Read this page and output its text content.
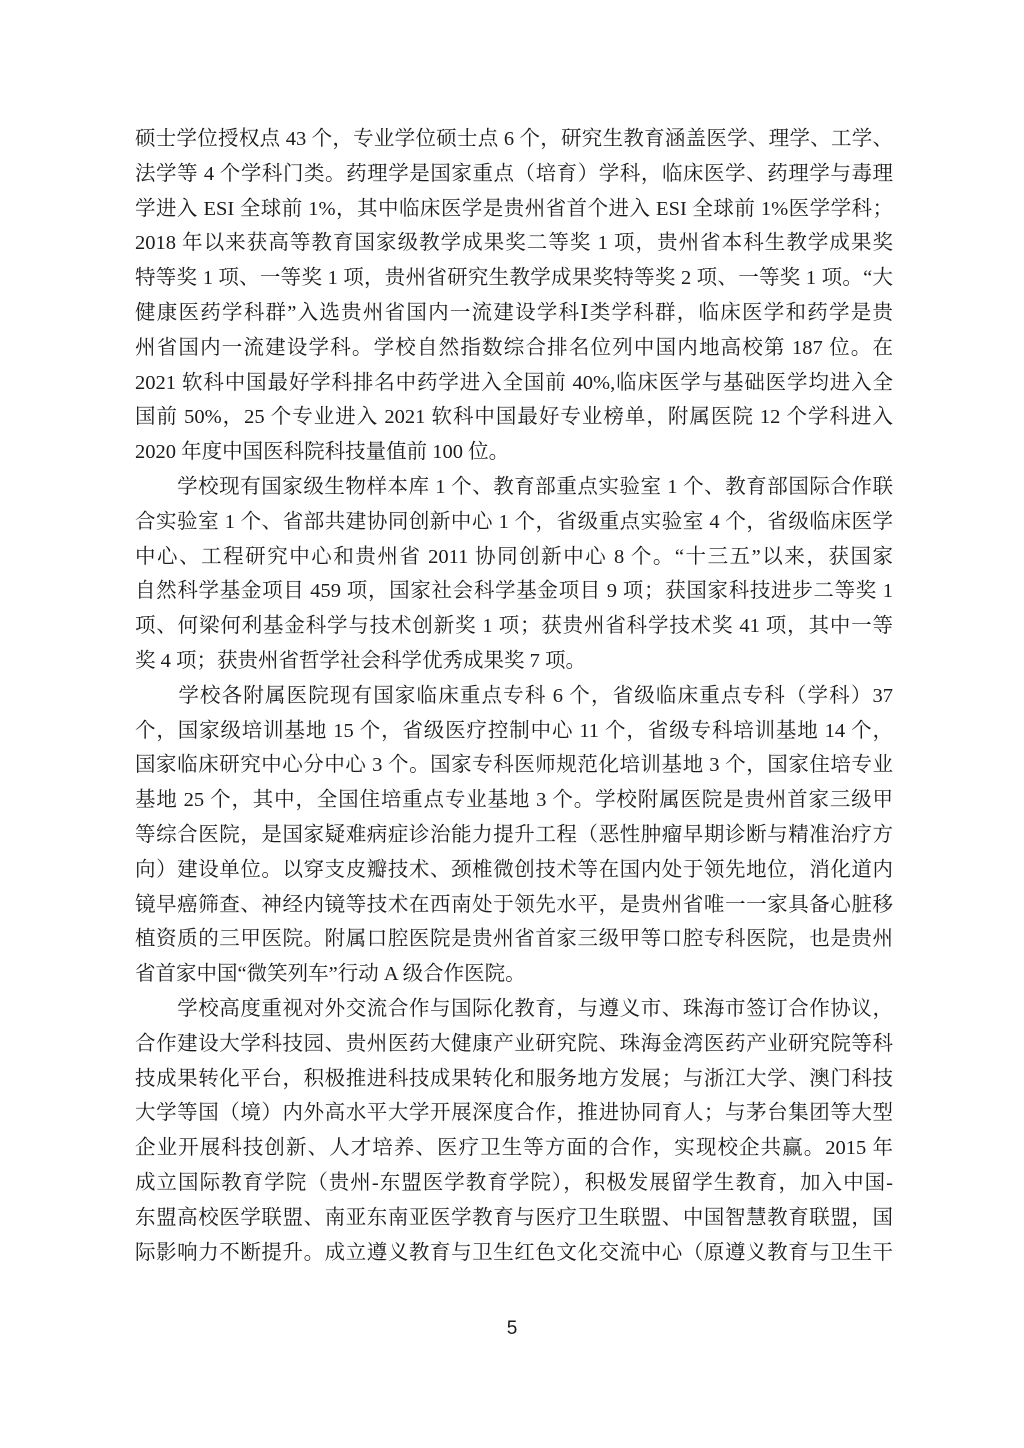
硕士学位授权点 43 个，专业学位硕士点 6 个，研究生教育涵盖医学、理学、工学、
法学等 4 个学科门类。药理学是国家重点（培育）学科，临床医学、药理学与毒理
学进入 ESI 全球前 1%，其中临床医学是贵州省首个进入 ESI 全球前 1%医学学科；
2018 年以来获高等教育国家级教学成果奖二等奖 1 项，贵州省本科生教学成果奖
特等奖 1 项、一等奖 1 项，贵州省研究生教学成果奖特等奖 2 项、一等奖 1 项。“大
健康医药学科群”入选贵州省国内一流建设学科Ⅰ类学科群，临床医学和药学是贵
州省国内一流建设学科。学校自然指数综合排名位列中国内地高校第 187 位。在
2021 软科中国最好学科排名中药学进入全国前 40%,临床医学与基础医学均进入全
国前 50%，25 个专业进入 2021 软科中国最好专业榜单，附属医院 12 个学科进入
2020 年度中国医科院科技量值前 100 位。
　　学校现有国家级生物样本库 1 个、教育部重点实验室 1 个、教育部国际合作联
合实验室 1 个、省部共建协同创新中心 1 个，省级重点实验室 4 个，省级临床医学
中心、工程研究中心和贵州省 2011 协同创新中心 8 个。“十三五”以来，获国家
自然科学基金项目 459 项，国家社会科学基金项目 9 项；获国家科技进步二等奖 1
项、何梁何利基金科学与技术创新奖 1 项；获贵州省科学技术奖 41 项，其中一等
奖 4 项；获贵州省哲学社会科学优秀成果奖 7 项。
　　学校各附属医院现有国家临床重点专科 6 个，省级临床重点专科（学科）37
个，国家级培训基地 15 个，省级医疗控制中心 11 个，省级专科培训基地 14 个，
国家临床研究中心分中心 3 个。国家专科医师规范化培训基地 3 个，国家住培专业
基地 25 个，其中，全国住培重点专业基地 3 个。学校附属医院是贵州首家三级甲
等综合医院，是国家疑难病症诊治能力提升工程（恶性肿瘤早期诊断与精准治疗方
向）建设单位。以穿支皮瓣技术、颈椎微创技术等在国内处于领先地位，消化道内
镜早癌筛查、神经内镜等技术在西南处于领先水平，是贵州省唯一一家具备心脏移
植资质的三甲医院。附属口腔医院是贵州省首家三级甲等口腔专科医院，也是贵州
省首家中国“微笑列车”行动 A 级合作医院。
　　学校高度重视对外交流合作与国际化教育，与遵义市、珠海市签订合作协议，
合作建设大学科技园、贵州医药大健康产业研究院、珠海金湾医药产业研究院等科
技成果转化平台，积极推进科技成果转化和服务地方发展；与浙江大学、澳门科技
大学等国（境）内外高水平大学开展深度合作，推进协同育人；与茅台集团等大型
企业开展科技创新、人才培养、医疗卫生等方面的合作，实现校企共赢。2015 年
成立国际教育学院（贵州-东盟医学教育学院），积极发展留学生教育，加入中国-
东盟高校医学联盟、南亚东南亚医学教育与医疗卫生联盟、中国智慧教育联盟，国
际影响力不断提升。成立遵义教育与卫生红色文化交流中心（原遵义教育与卫生干
5
